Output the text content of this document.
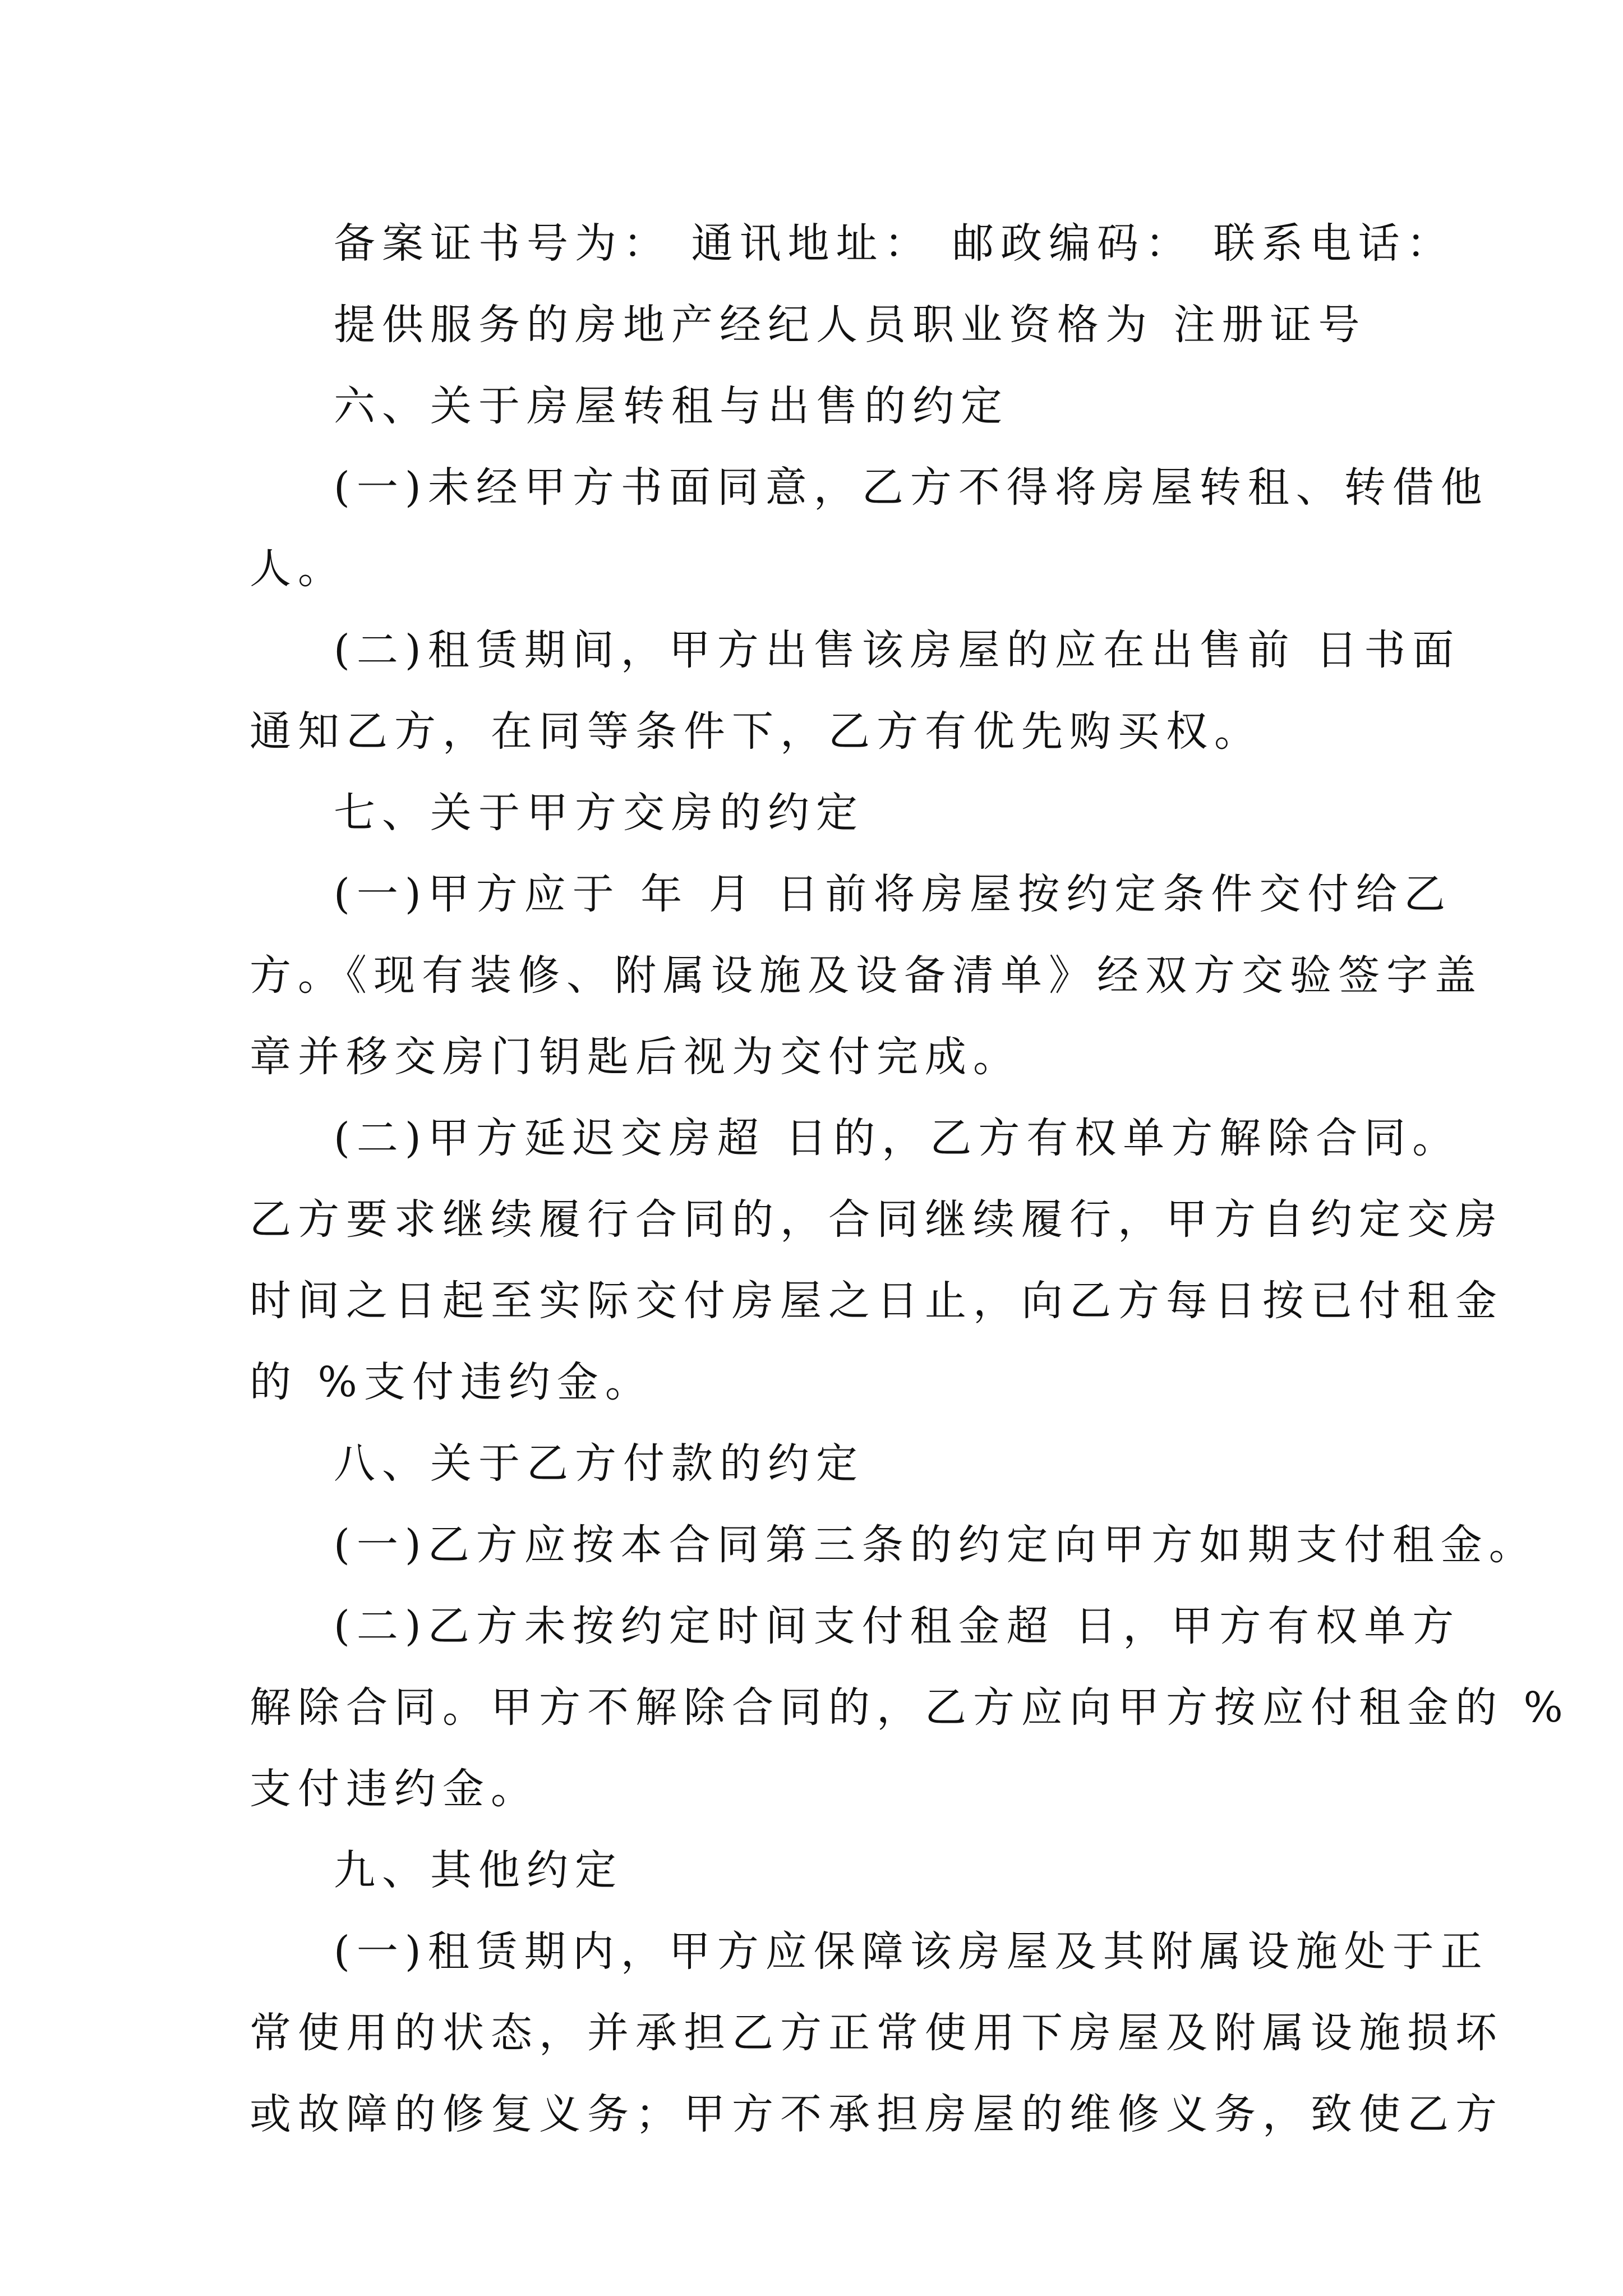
备案证书号为： 通讯地址： 邮政编码： 联系电话：
提供服务的房地产经纪人员职业资格为 注册证号
六、关于房屋转租与出售的约定
(一)未经甲方书面同意，乙方不得将房屋转租、转借他
人。
(二)租赁期间，甲方出售该房屋的应在出售前 日书面
通知乙方，在同等条件下，乙方有优先购买权。
七、关于甲方交房的约定
(一)甲方应于 年 月 日前将房屋按约定条件交付给乙
方。《现有装修、附属设施及设备清单》经双方交验签字盖
章并移交房门钥匙后视为交付完成。
(二)甲方延迟交房超 日的，乙方有权单方解除合同。
乙方要求继续履行合同的，合同继续履行，甲方自约定交房
时间之日起至实际交付房屋之日止，向乙方每日按已付租金
的 %支付违约金。
八、关于乙方付款的约定
(一)乙方应按本合同第三条的约定向甲方如期支付租金。
(二)乙方未按约定时间支付租金超 日，甲方有权单方
解除合同。甲方不解除合同的，乙方应向甲方按应付租金的 %
支付违约金。
九、其他约定
(一)租赁期内，甲方应保障该房屋及其附属设施处于正
常使用的状态，并承担乙方正常使用下房屋及附属设施损坏
或故障的修复义务；甲方不承担房屋的维修义务，致使乙方
